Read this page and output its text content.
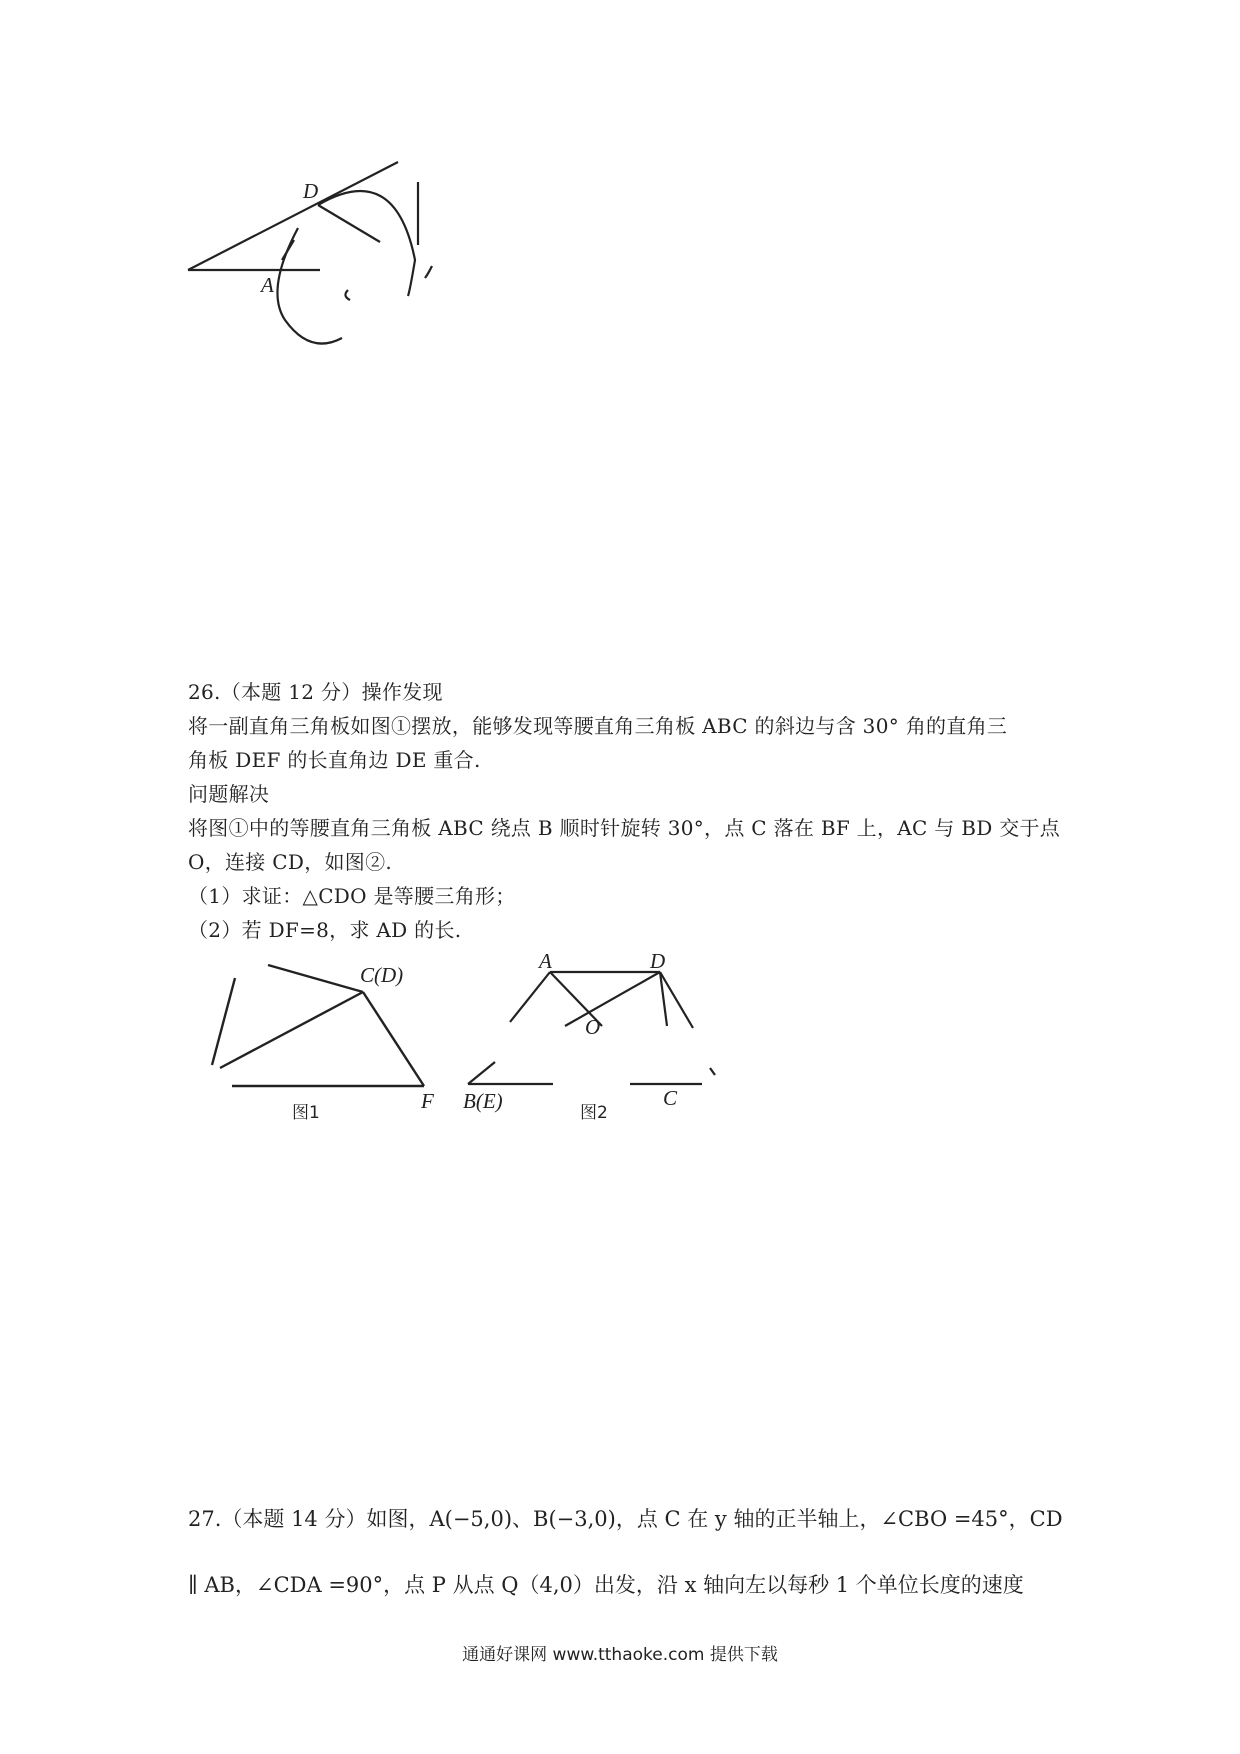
D
A
26.（本题 12 分）操作发现
将一副直角三角板如图①摆放，能够发现等腰直角三角板 ABC 的斜边与含 30° 角的直角三
角板 DEF 的长直角边 DE 重合.
问题解决
将图①中的等腰直角三角板 ABC 绕点 B 顺时针旋转 30°，点 C 落在 BF 上，AC 与 BD 交于点
O，连接 CD，如图②.
（1）求证：△CDO 是等腰三角形；
（2）若 DF=8，求 AD 的长.
C(D)
F
图1
A	D
O
B(E)	C
图2
27.（本题 14 分）如图，A(−5,0)、B(−3,0)，点 C 在 y 轴的正半轴上，∠CBO =45°，CD
∥ AB，∠CDA =90°，点 P 从点 Q（4,0）出发，沿 x 轴向左以每秒 1 个单位长度的速度
通通好课网 www.tthaoke.com 提供下载
